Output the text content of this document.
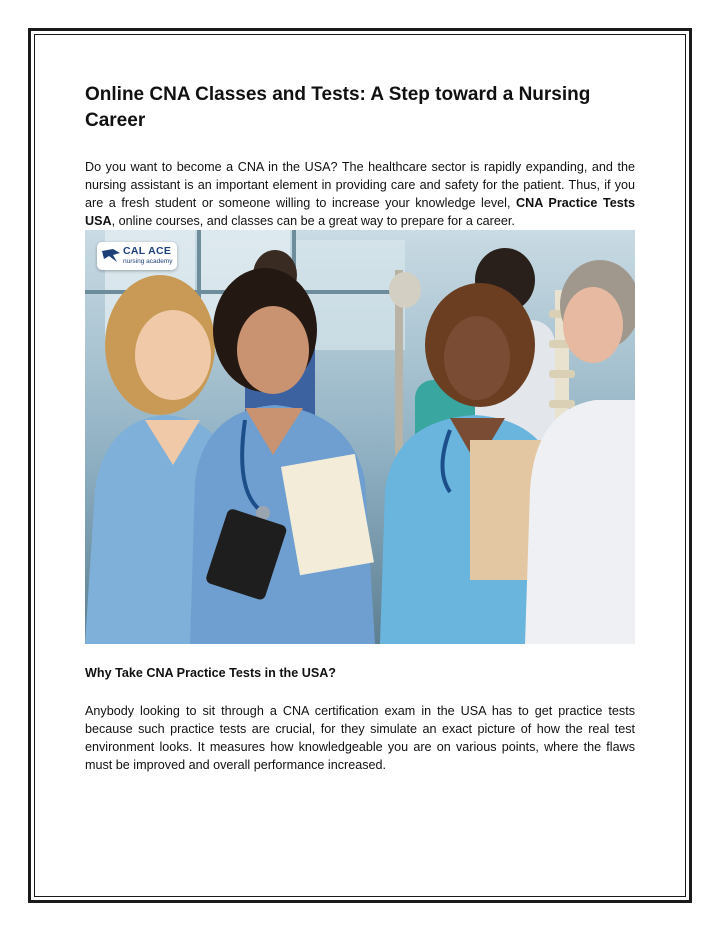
Online CNA Classes and Tests: A Step toward a Nursing Career

Do you want to become a CNA in the USA? The healthcare sector is rapidly expanding, and the nursing assistant is an important element in providing care and safety for the patient. Thus, if you are a fresh student or someone willing to increase your knowledge level, CNA Practice Tests USA, online courses, and classes can be a great way to prepare for a career.

CAL ACE
nursing academy
Why Take CNA Practice Tests in the USA?

Anybody looking to sit through a CNA certification exam in the USA has to get practice tests because such practice tests are crucial, for they simulate an exact picture of how the real test environment looks. It measures how knowledgeable you are on various points, where the flaws must be improved and overall performance increased.
